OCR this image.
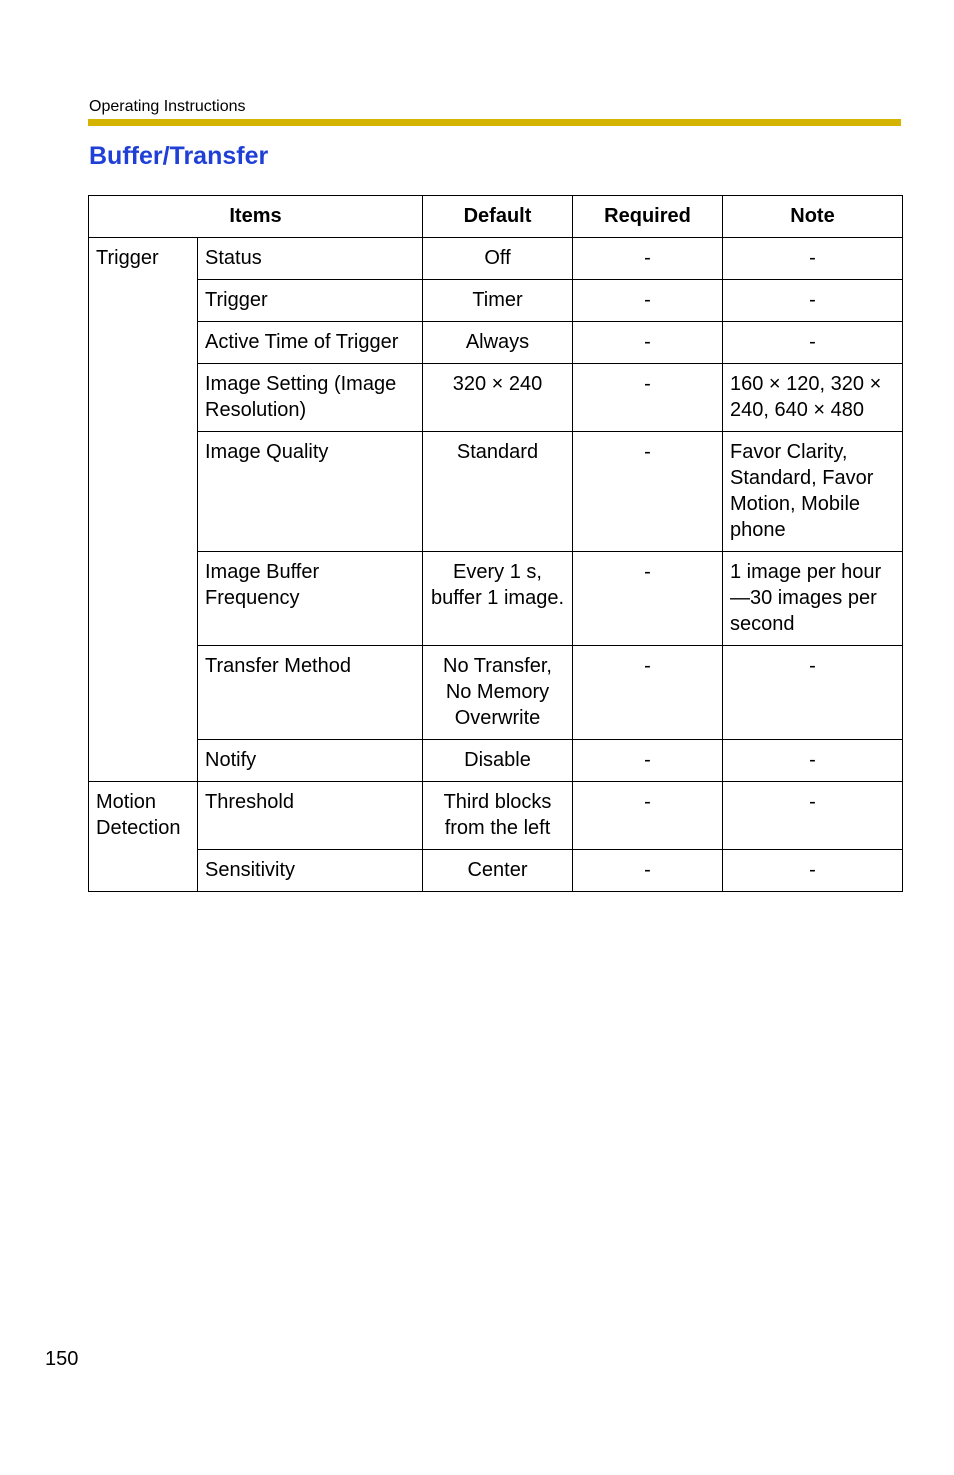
Operating Instructions
Buffer/Transfer
Items		Default	Required	Note
Trigger	Status	Off	-	-
	Trigger	Timer	-	-
	Active Time of Trigger	Always	-	-
	Image Setting (Image Resolution)	320 × 240	-	160 × 120, 320 × 240, 640 × 480
	Image Quality	Standard	-	Favor Clarity, Standard, Favor Motion, Mobile phone
	Image Buffer Frequency	Every 1 s, buffer 1 image.	-	1 image per hour—30 images per second
	Transfer Method	No Transfer, No Memory Overwrite	-	-
	Notify	Disable	-	-
Motion Detection	Threshold	Third blocks from the left	-	-
	Sensitivity	Center	-	-
150
